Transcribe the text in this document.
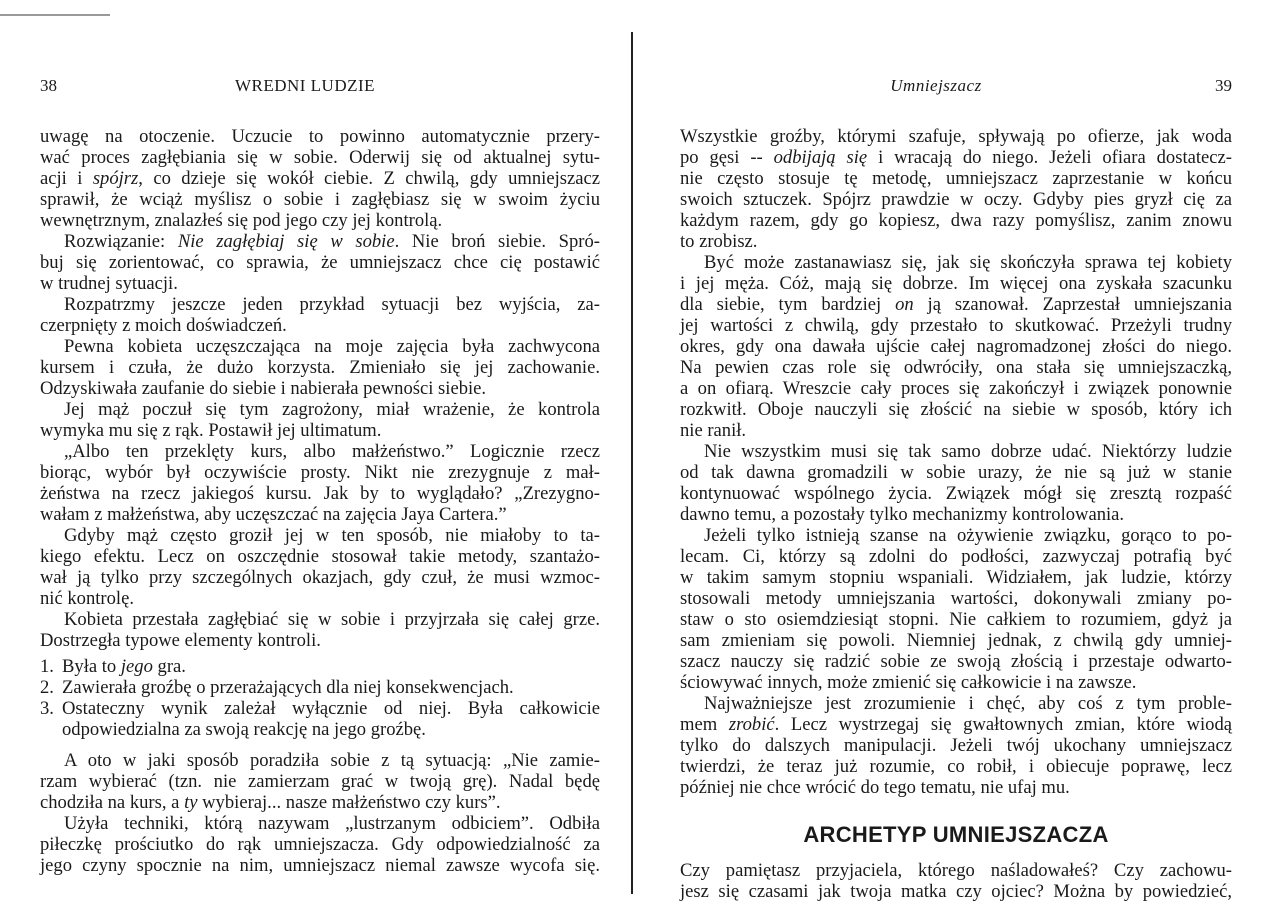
38	WREDNI LUDZIE
uwagę na otoczenie. Uczucie to powinno automatycznie przery-
wać proces zagłębiania się w sobie. Oderwij się od aktualnej sytu-
acji i spójrz, co dzieje się wokół ciebie. Z chwilą, gdy umniejszacz
sprawił, że wciąż myślisz o sobie i zagłębiasz się w swoim życiu
wewnętrznym, znalazłeś się pod jego czy jej kontrolą.
Rozwiązanie: Nie zagłębiaj się w sobie. Nie broń siebie. Spró-
buj się zorientować, co sprawia, że umniejszacz chce cię postawić
w trudnej sytuacji.
Rozpatrzmy jeszcze jeden przykład sytuacji bez wyjścia, za-
czerpnięty z moich doświadczeń.
Pewna kobieta uczęszczająca na moje zajęcia była zachwycona
kursem i czuła, że dużo korzysta. Zmieniało się jej zachowanie.
Odzyskiwała zaufanie do siebie i nabierała pewności siebie.
Jej mąż poczuł się tym zagrożony, miał wrażenie, że kontrola
wymyka mu się z rąk. Postawił jej ultimatum.
„Albo ten przeklęty kurs, albo małżeństwo.” Logicznie rzecz
biorąc, wybór był oczywiście prosty. Nikt nie zrezygnuje z mał-
żeństwa na rzecz jakiegoś kursu. Jak by to wyglądało? „Zrezygno-
wałam z małżeństwa, aby uczęszczać na zajęcia Jaya Cartera.”
Gdyby mąż często groził jej w ten sposób, nie miałoby to ta-
kiego efektu. Lecz on oszczędnie stosował takie metody, szantażo-
wał ją tylko przy szczególnych okazjach, gdy czuł, że musi wzmoc-
nić kontrolę.
Kobieta przestała zagłębiać się w sobie i przyjrzała się całej grze.
Dostrzegła typowe elementy kontroli.
1. Była to jego gra.
2. Zawierała groźbę o przerażających dla niej konsekwencjach.
3. Ostateczny wynik zależał wyłącznie od niej. Była całkowicie
odpowiedzialna za swoją reakcję na jego groźbę.
A oto w jaki sposób poradziła sobie z tą sytuacją: „Nie zamie-
rzam wybierać (tzn. nie zamierzam grać w twoją grę). Nadal będę
chodziła na kurs, a ty wybieraj... nasze małżeństwo czy kurs”.
Użyła techniki, którą nazywam „lustrzanym odbiciem”. Odbiła
piłeczkę prościutko do rąk umniejszacza. Gdy odpowiedzialność za
jego czyny spocznie na nim, umniejszacz niemal zawsze wycofa się.
Umniejszacz	39
Wszystkie groźby, którymi szafuje, spływają po ofierze, jak woda
po gęsi -- odbijają się i wracają do niego. Jeżeli ofiara dostatecz-
nie często stosuje tę metodę, umniejszacz zaprzestanie w końcu
swoich sztuczek. Spójrz prawdzie w oczy. Gdyby pies gryzł cię za
każdym razem, gdy go kopiesz, dwa razy pomyślisz, zanim znowu
to zrobisz.
Być może zastanawiasz się, jak się skończyła sprawa tej kobiety
i jej męża. Cóż, mają się dobrze. Im więcej ona zyskała szacunku
dla siebie, tym bardziej on ją szanował. Zaprzestał umniejszania
jej wartości z chwilą, gdy przestało to skutkować. Przeżyli trudny
okres, gdy ona dawała ujście całej nagromadzonej złości do niego.
Na pewien czas role się odwróciły, ona stała się umniejszaczką,
a on ofiarą. Wreszcie cały proces się zakończył i związek ponownie
rozkwitł. Oboje nauczyli się złościć na siebie w sposób, który ich
nie ranił.
Nie wszystkim musi się tak samo dobrze udać. Niektórzy ludzie
od tak dawna gromadzili w sobie urazy, że nie są już w stanie
kontynuować wspólnego życia. Związek mógł się zresztą rozpaść
dawno temu, a pozostały tylko mechanizmy kontrolowania.
Jeżeli tylko istnieją szanse na ożywienie związku, gorąco to po-
lecam. Ci, którzy są zdolni do podłości, zazwyczaj potrafią być
w takim samym stopniu wspaniali. Widziałem, jak ludzie, którzy
stosowali metody umniejszania wartości, dokonywali zmiany po-
staw o sto osiemdziesiąt stopni. Nie całkiem to rozumiem, gdyż ja
sam zmieniam się powoli. Niemniej jednak, z chwilą gdy umniej-
szacz nauczy się radzić sobie ze swoją złością i przestaje odwarto-
ściowywać innych, może zmienić się całkowicie i na zawsze.
Najważniejsze jest zrozumienie i chęć, aby coś z tym proble-
mem zrobić. Lecz wystrzegaj się gwałtownych zmian, które wiodą
tylko do dalszych manipulacji. Jeżeli twój ukochany umniejszacz
twierdzi, że teraz już rozumie, co robił, i obiecuje poprawę, lecz
później nie chce wrócić do tego tematu, nie ufaj mu.
ARCHETYP UMNIEJSZACZA
Czy pamiętasz przyjaciela, którego naśladowałeś? Czy zachowu-
jesz się czasami jak twoja matka czy ojciec? Można by powiedzieć,
